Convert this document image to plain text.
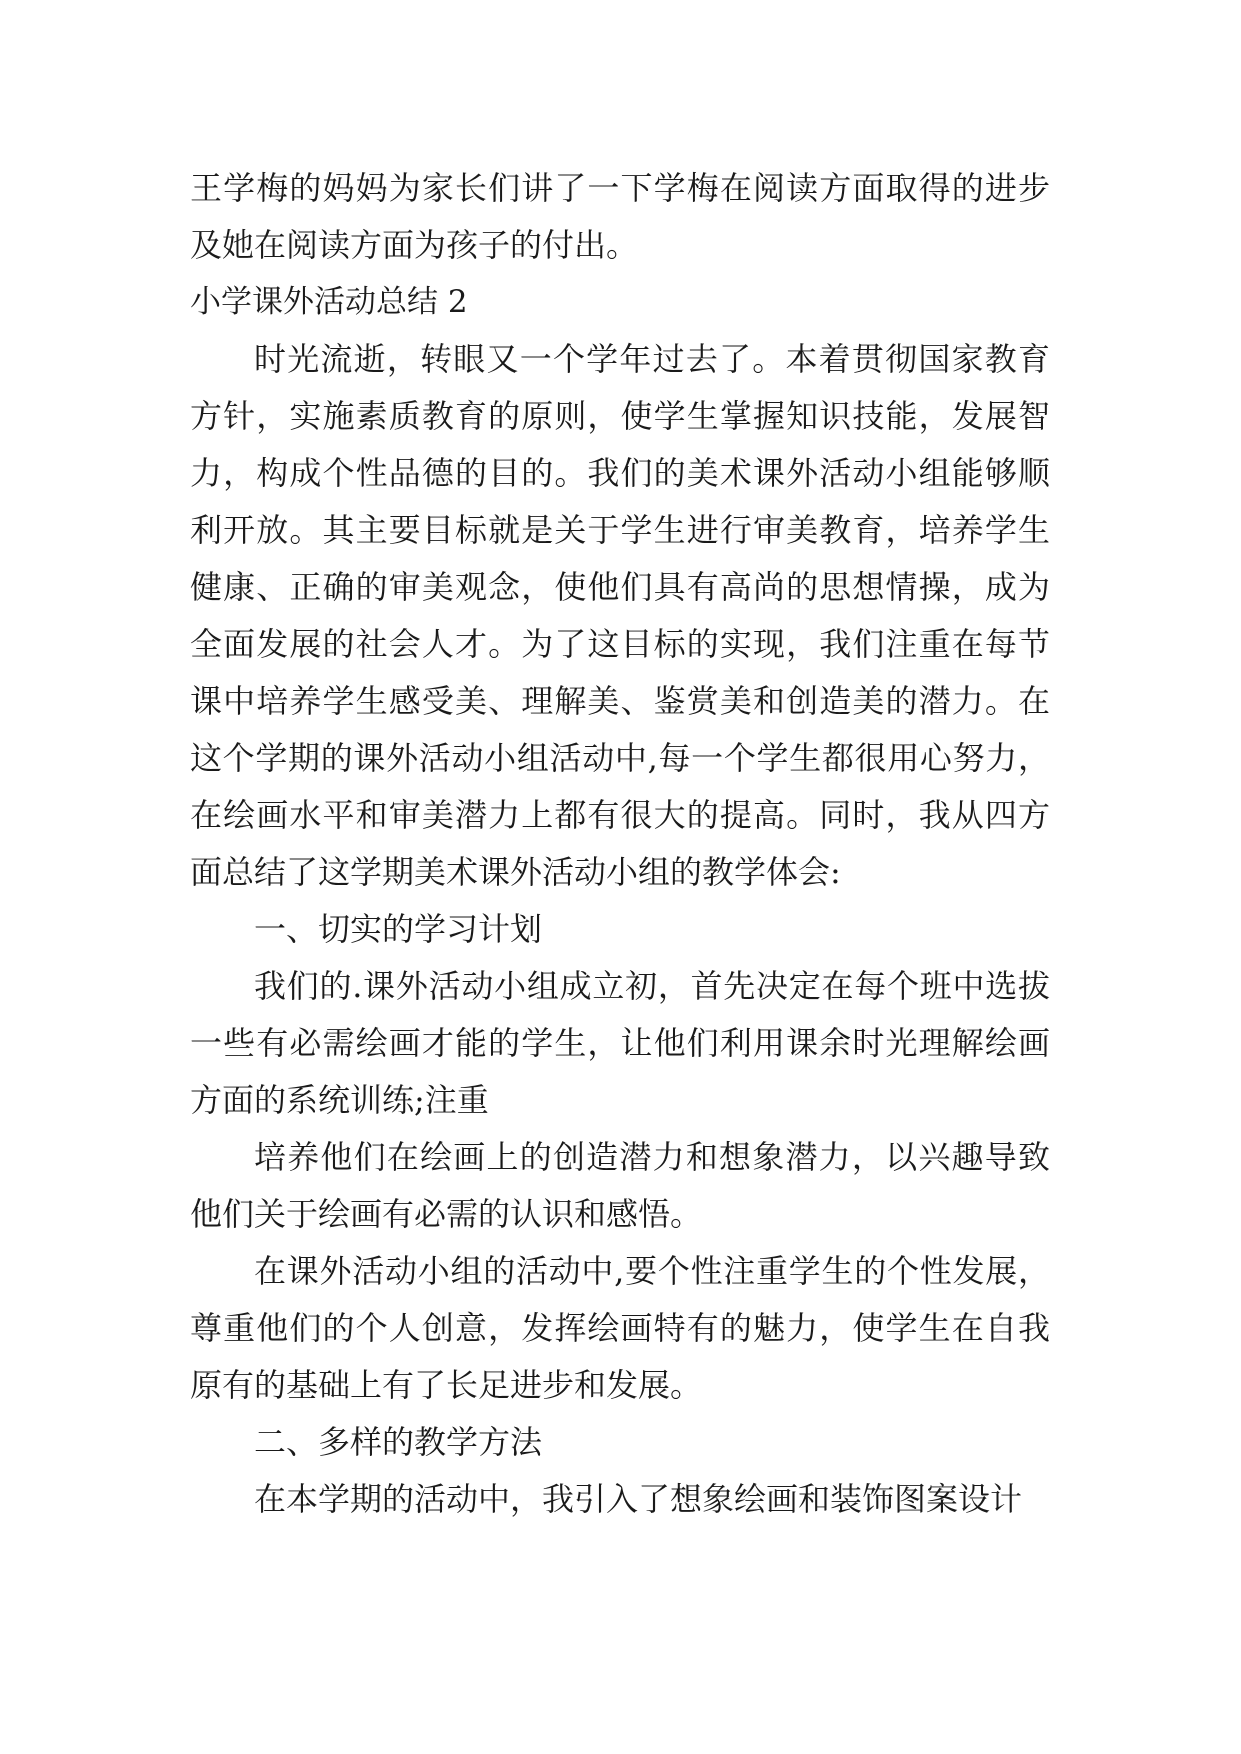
王学梅的妈妈为家长们讲了一下学梅在阅读方面取得的进步及她在阅读方面为孩子的付出。

小学课外活动总结 2

时光流逝，转眼又一个学年过去了。本着贯彻国家教育方针，实施素质教育的原则，使学生掌握知识技能，发展智力，构成个性品德的目的。我们的美术课外活动小组能够顺利开放。其主要目标就是关于学生进行审美教育，培养学生健康、正确的审美观念，使他们具有高尚的思想情操，成为全面发展的社会人才。为了这目标的实现，我们注重在每节课中培养学生感受美、理解美、鉴赏美和创造美的潜力。在这个学期的课外活动小组活动中,每一个学生都很用心努力，在绘画水平和审美潜力上都有很大的提高。同时，我从四方面总结了这学期美术课外活动小组的教学体会:

一、切实的学习计划

我们的.课外活动小组成立初，首先决定在每个班中选拔一些有必需绘画才能的学生，让他们利用课余时光理解绘画方面的系统训练;注重

培养他们在绘画上的创造潜力和想象潜力，以兴趣导致他们关于绘画有必需的认识和感悟。

在课外活动小组的活动中,要个性注重学生的个性发展，尊重他们的个人创意，发挥绘画特有的魅力，使学生在自我原有的基础上有了长足进步和发展。

二、多样的教学方法

在本学期的活动中，我引入了想象绘画和装饰图案设计
